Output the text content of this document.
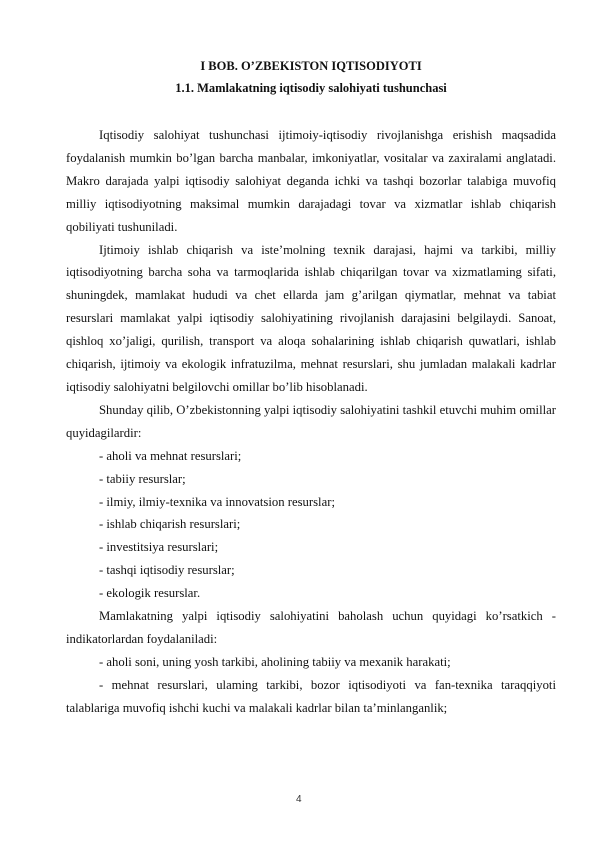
I BOB. O’ZBEKISTON IQTISODIYOTI
1.1. Mamlakatning iqtisodiy salohiyati tushunchasi

Iqtisodiy salohiyat tushunchasi ijtimoiy-iqtisodiy rivojlanishga erishish maqsadida foydalanish mumkin bo’lgan barcha manbalar, imkoniyatlar, vositalar va zaxiralami anglatadi. Makro darajada yalpi iqtisodiy salohiyat deganda ichki va tashqi bozorlar talabiga muvofiq milliy iqtisodiyotning maksimal mumkin darajadagi tovar va xizmatlar ishlab chiqarish qobiliyati tushuniladi.

Ijtimoiy ishlab chiqarish va iste’molning texnik darajasi, hajmi va tarkibi, milliy iqtisodiyotning barcha soha va tarmoqlarida ishlab chiqarilgan tovar va xizmatlaming sifati, shuningdek, mamlakat hududi va chet ellarda jam g’arilgan qiymatlar, mehnat va tabiat resurslari mamlakat yalpi iqtisodiy salohiyatining rivojlanish darajasini belgilaydi. Sanoat, qishloq xo’jaligi, qurilish, transport va aloqa sohalarining ishlab chiqarish quwatlari, ishlab chiqarish, ijtimoiy va ekologik infratuzilma, mehnat resurslari, shu jumladan malakali kadrlar iqtisodiy salohiyatni belgilovchi omillar bo’lib hisoblanadi.

Shunday qilib, O’zbekistonning yalpi iqtisodiy salohiyatini tashkil etuvchi muhim omillar quyidagilardir:

- aholi va mehnat resurslari;

- tabiiy resurslar;

- ilmiy, ilmiy-texnika va innovatsion resurslar;

- ishlab chiqarish resurslari;

- investitsiya resurslari;

- tashqi iqtisodiy resurslar;

- ekologik resurslar.

Mamlakatning yalpi iqtisodiy salohiyatini baholash uchun quyidagi ko’rsatkich -indikatorlardan foydalaniladi:

- aholi soni, uning yosh tarkibi, aholining tabiiy va mexanik harakati;

- mehnat resurslari, ulaming tarkibi, bozor iqtisodiyoti va fan-texnika taraqqiyoti talablariga muvofiq ishchi kuchi va malakali kadrlar bilan ta’minlanganlik;

4
